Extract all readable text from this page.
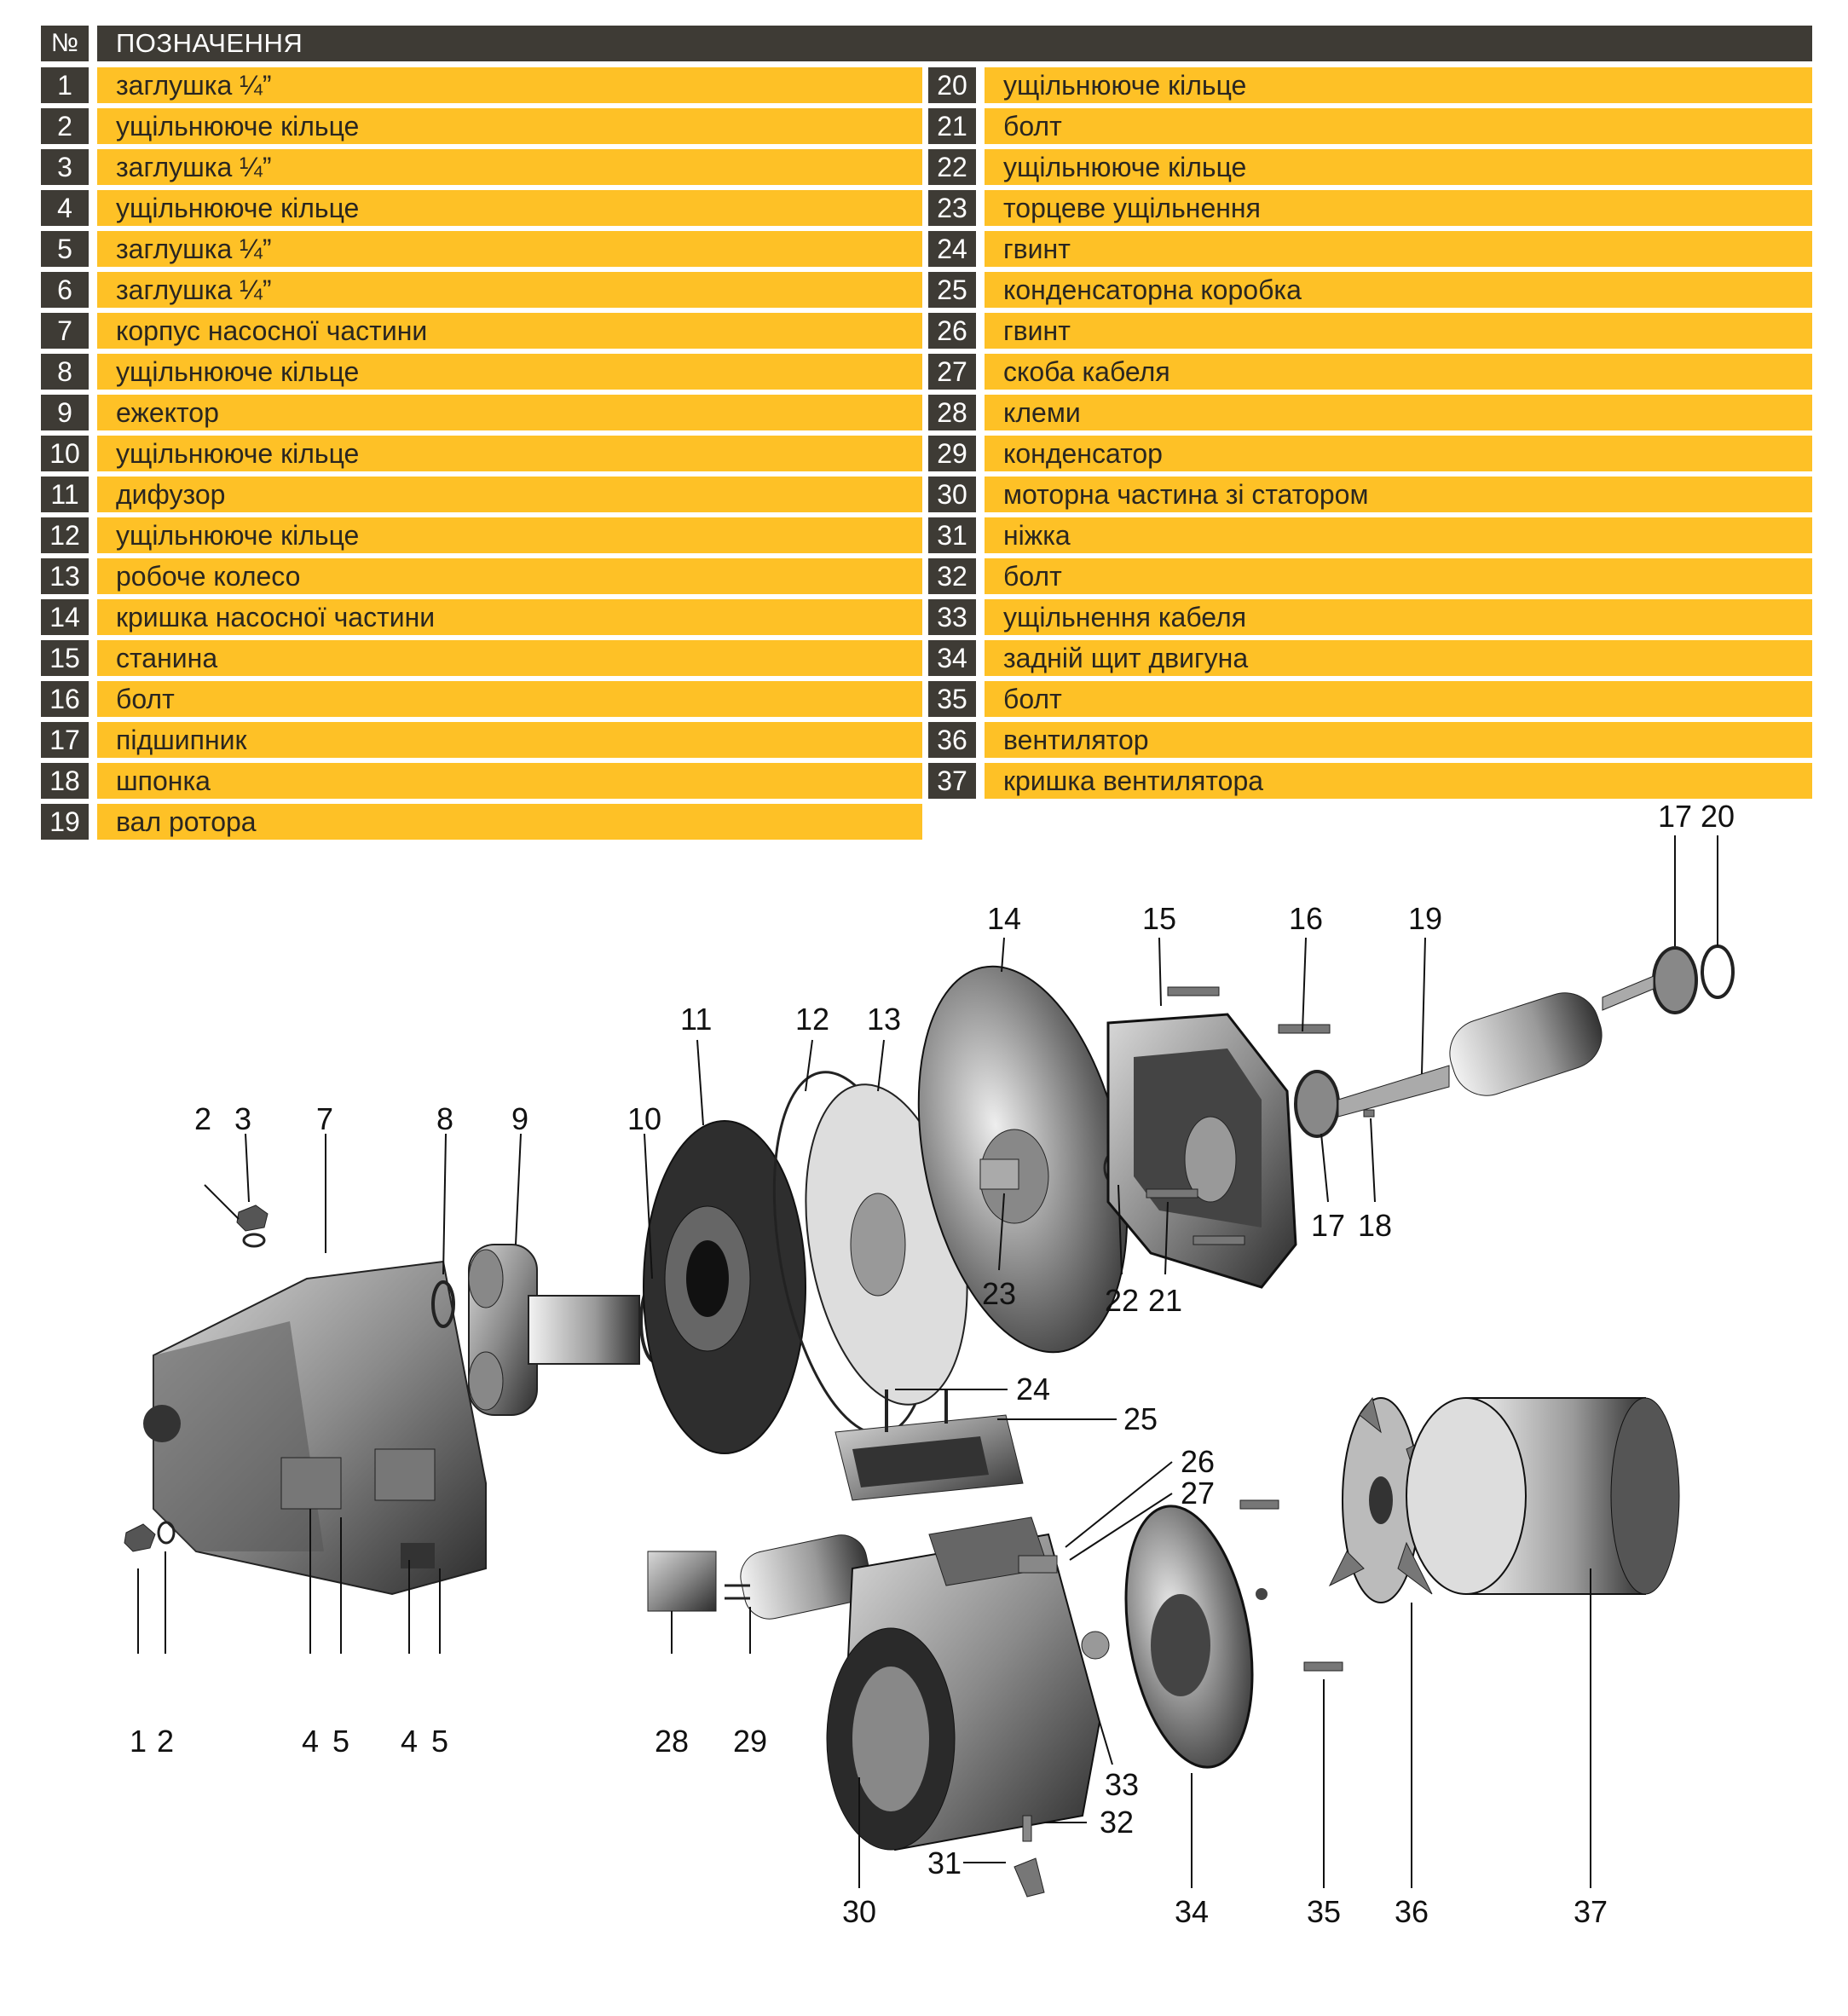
№	ПОЗНАЧЕННЯ
1	заглушка ¼”
2	ущільнююче кільце
3	заглушка ¼”
4	ущільнююче кільце
5	заглушка ¼”
6	заглушка ¼”
7	корпус насосної частини
8	ущільнююче кільце
9	ежектор
10	ущільнююче кільце
11	дифузор
12	ущільнююче кільце
13	робоче колесо
14	кришка насосної частини
15	станина
16	болт
17	підшипник
18	шпонка
19	вал ротора
20	ущільнююче кільце
21	болт
22	ущільнююче кільце
23	торцеве ущільнення
24	гвинт
25	конденсаторна коробка
26	гвинт
27	скоба кабеля
28	клеми
29	конденсатор
30	моторна частина зі статором
31	ніжка
32	болт
33	ущільнення кабеля
34	задній щит двигуна
35	болт
36	вентилятор
37	кришка вентилятора
1 2
2 3
4 5 4 5
7	8 9	10
11	12 13
14	15	16
17
17 18
19
20
21
22
23
24
25
26
27
28 29
30
31
32
33
34	35 36	37
